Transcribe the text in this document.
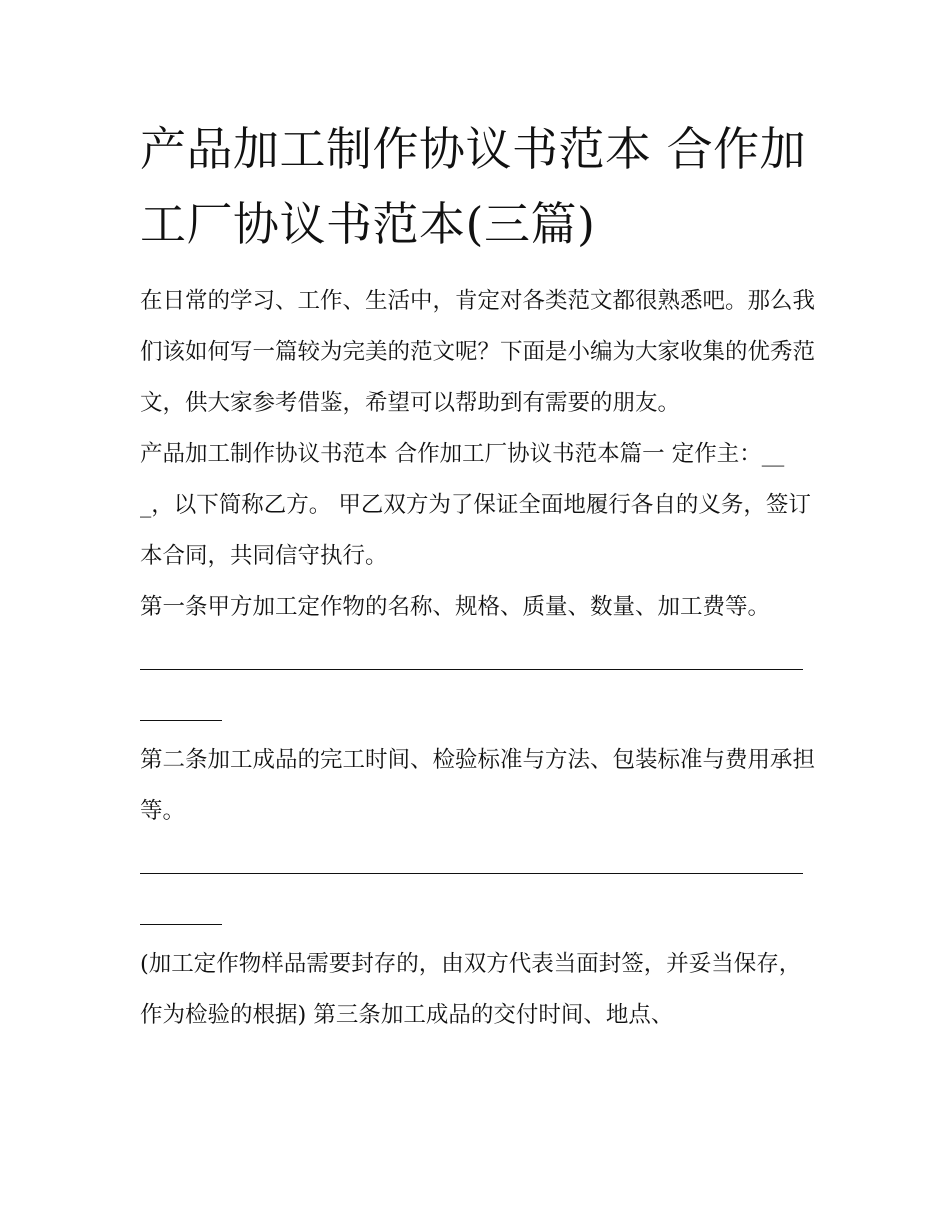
产品加工制作协议书范本 合作加工厂协议书范本(三篇)

在日常的学习、工作、生活中，肯定对各类范文都很熟悉吧。那么我们该如何写一篇较为完美的范文呢？下面是小编为大家收集的优秀范文，供大家参考借鉴，希望可以帮助到有需要的朋友。

产品加工制作协议书范本 合作加工厂协议书范本篇一 定作主：___，以下简称乙方。 甲乙双方为了保证全面地履行各自的义务，签订本合同，共同信守执行。

第一条甲方加工定作物的名称、规格、质量、数量、加工费等。

第二条加工成品的完工时间、检验标准与方法、包装标准与费用承担等。

(加工定作物样品需要封存的，由双方代表当面封签，并妥当保存，作为检验的根据) 第三条加工成品的交付时间、地点、
